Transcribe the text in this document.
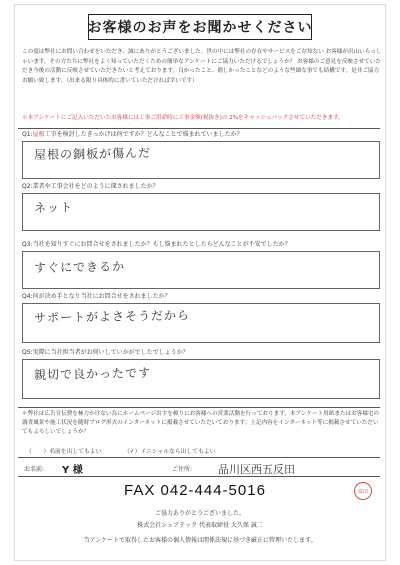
お客様のお声をお聞かせください
この度は弊社にお問い合わせをいただき、誠にありがとうございました。世の中には弊社の存在やサービスをご存知ない お客様が沢山いらっしゃいます。その方たちに弊社をよく知っていただくための簡単なアンケートにご協力いただけるでしょうか？ お客様のご意見を反映させていただき今後の活動に反映させていただきたいと考えております。良かったこと、嬉しかったことなどのような些細な事でも結構です。是非ご協力お願い致します。（出来る限り具体的に書いていただければ幸いです）
＊本アンケートにご記入いただいたお客様には工事ご用命時に工事金額(税抜き)の 2%をキャッシュバックさせていただきます。
Q1:屋根工事を検討したきっかけは何ですか？どんなことで悩まれていましたか？
屋根の銅板が傷んだ
Q2:業者や工事会社をどのように探されましたか？
ネット
Q3:当社を知りすぐにお問合せをされましたか？もし悩まれたとしたらどんなことが不安でしたか？
すぐにできるか
Q4:何が決め手となり当社にお問合せをされましたか？
サポートがよさそうだから
Q5:実際に当社担当者がお伺いしていかがでしたでしょうか？
親切で良かったです
＊弊社は広告宣伝費を極力かけない為にホームページ出すを頼りにお客様への営業活動を行っております。本アンケート用紙またはお客様宅の調査風景や施工状況を随時ブログ形式のインターネットに掲載させていただいております。上記内容をインターネット等に掲載させていただいてもよろしいでしょうか？
（　　）名前を出してもよい	（✓）イニシャルなら出してもよい
お名前: Y 様	ご住所: 品川区西五反田
FAX 042-444-5016	富田
ご協力ありがとうございました。
株式会社シェアテック 代表取締役 大久保 誠二
当アンケートで取得したお客様の個人情報は関係法規に基づき厳正に管理いたします。
